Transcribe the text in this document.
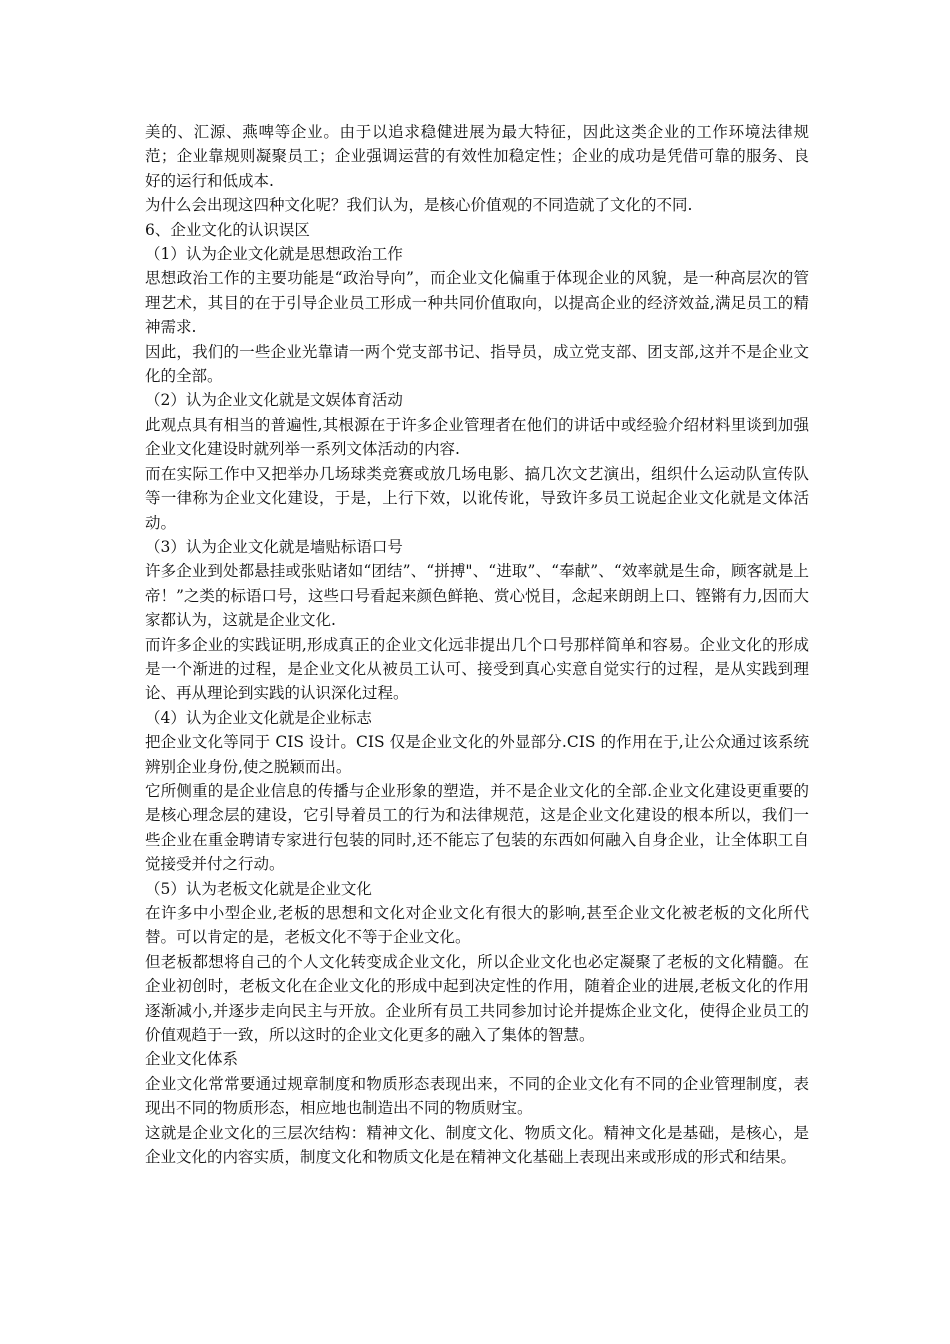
美的、汇源、燕啤等企业。由于以追求稳健进展为最大特征，因此这类企业的工作环境法律规范；企业靠规则凝聚员工；企业强调运营的有效性加稳定性；企业的成功是凭借可靠的服务、良好的运行和低成本.

为什么会出现这四种文化呢？我们认为，是核心价值观的不同造就了文化的不同.

6、企业文化的认识误区

（1）认为企业文化就是思想政治工作

思想政治工作的主要功能是“政治导向”，而企业文化偏重于体现企业的风貌，是一种高层次的管理艺术，其目的在于引导企业员工形成一种共同价值取向，以提高企业的经济效益,满足员工的精神需求.

因此，我们的一些企业光靠请一两个党支部书记、指导员，成立党支部、团支部,这并不是企业文化的全部。

（2）认为企业文化就是文娱体育活动

此观点具有相当的普遍性,其根源在于许多企业管理者在他们的讲话中或经验介绍材料里谈到加强企业文化建设时就列举一系列文体活动的内容.

而在实际工作中又把举办几场球类竞赛或放几场电影、搞几次文艺演出，组织什么运动队宣传队等一律称为企业文化建设，于是，上行下效，以讹传讹，导致许多员工说起企业文化就是文体活动。

（3）认为企业文化就是墙贴标语口号

许多企业到处都悬挂或张贴诸如“团结”、“拼搏"、“进取”、“奉献”、“效率就是生命，顾客就是上帝！”之类的标语口号，这些口号看起来颜色鲜艳、赏心悦目，念起来朗朗上口、铿锵有力,因而大家都认为，这就是企业文化.

而许多企业的实践证明,形成真正的企业文化远非提出几个口号那样简单和容易。企业文化的形成是一个渐进的过程，是企业文化从被员工认可、接受到真心实意自觉实行的过程，是从实践到理论、再从理论到实践的认识深化过程。

（4）认为企业文化就是企业标志

把企业文化等同于 CIS 设计。CIS 仅是企业文化的外显部分.CIS 的作用在于,让公众通过该系统辨别企业身份,使之脱颖而出。

它所侧重的是企业信息的传播与企业形象的塑造，并不是企业文化的全部.企业文化建设更重要的是核心理念层的建设，它引导着员工的行为和法律规范，这是企业文化建设的根本所以，我们一些企业在重金聘请专家进行包装的同时,还不能忘了包装的东西如何融入自身企业，让全体职工自觉接受并付之行动。

（5）认为老板文化就是企业文化

在许多中小型企业,老板的思想和文化对企业文化有很大的影响,甚至企业文化被老板的文化所代替。可以肯定的是，老板文化不等于企业文化。

但老板都想将自己的个人文化转变成企业文化，所以企业文化也必定凝聚了老板的文化精髓。在企业初创时，老板文化在企业文化的形成中起到决定性的作用，随着企业的进展,老板文化的作用逐渐减小,并逐步走向民主与开放。企业所有员工共同参加讨论并提炼企业文化，使得企业员工的价值观趋于一致，所以这时的企业文化更多的融入了集体的智慧。

企业文化体系

企业文化常常要通过规章制度和物质形态表现出来，不同的企业文化有不同的企业管理制度，表现出不同的物质形态，相应地也制造出不同的物质财宝。

这就是企业文化的三层次结构：精神文化、制度文化、物质文化。精神文化是基础，是核心，是企业文化的内容实质，制度文化和物质文化是在精神文化基础上表现出来或形成的形式和结果。
